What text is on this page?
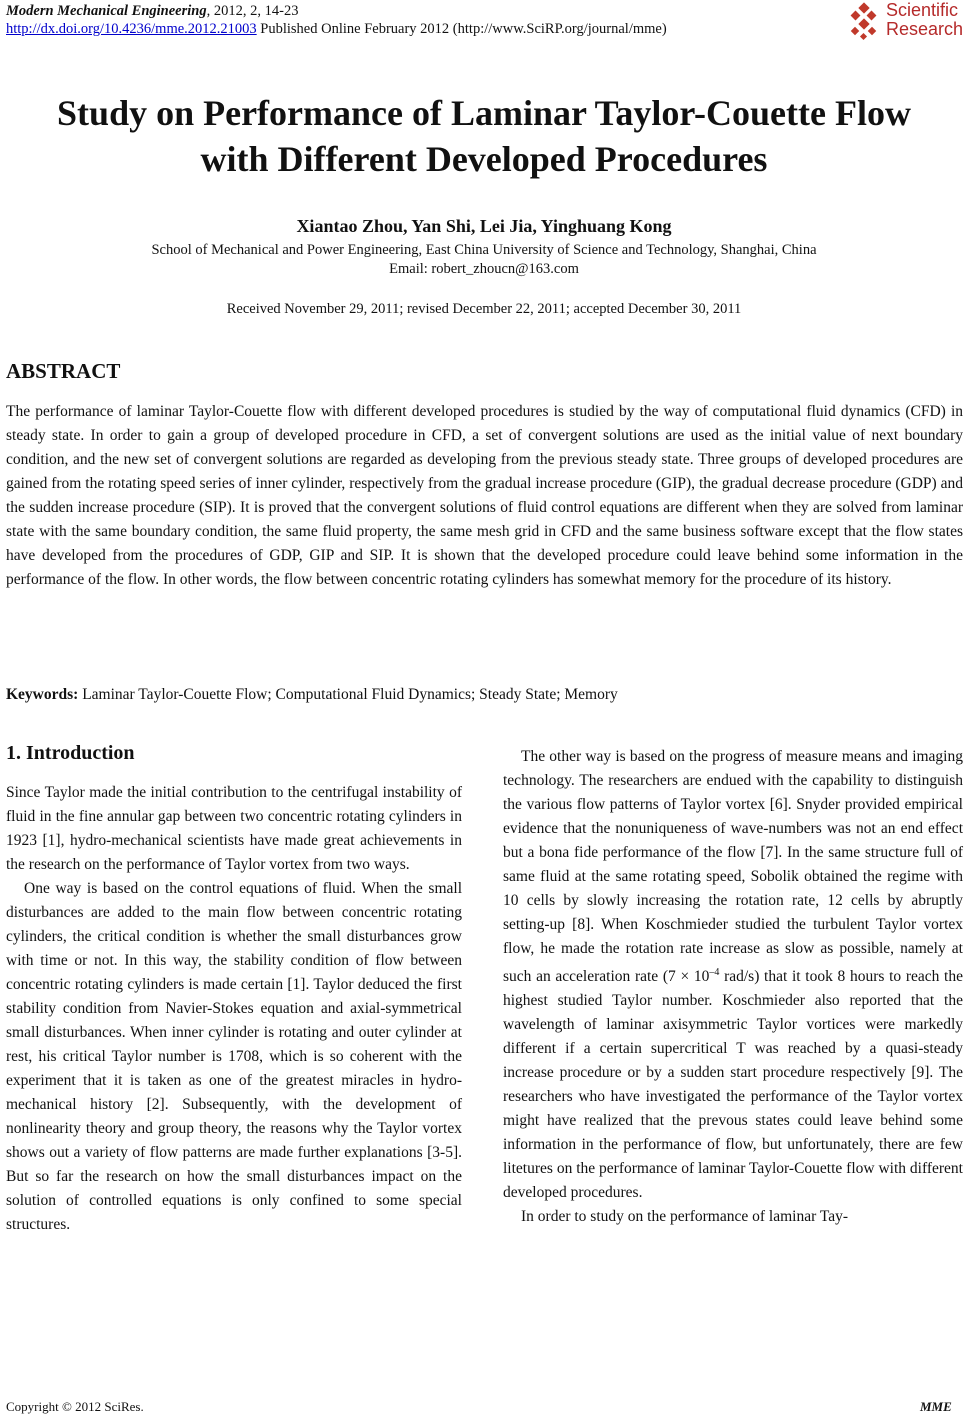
Modern Mechanical Engineering, 2012, 2, 14-23
http://dx.doi.org/10.4236/mme.2012.21003 Published Online February 2012 (http://www.SciRP.org/journal/mme)
Scientific
Research
Study on Performance of Laminar Taylor-Couette Flow
with Different Developed Procedures
Xiantao Zhou, Yan Shi, Lei Jia, Yinghuang Kong
School of Mechanical and Power Engineering, East China University of Science and Technology, Shanghai, China
Email: robert_zhoucn@163.com
Received November 29, 2011; revised December 22, 2011; accepted December 30, 2011
ABSTRACT
The performance of laminar Taylor-Couette flow with different developed procedures is studied by the way of computational fluid dynamics (CFD) in steady state. In order to gain a group of developed procedure in CFD, a set of convergent solutions are used as the initial value of next boundary condition, and the new set of convergent solutions are regarded as developing from the previous steady state. Three groups of developed procedures are gained from the rotating speed series of inner cylinder, respectively from the gradual increase procedure (GIP), the gradual decrease procedure (GDP) and the sudden increase procedure (SIP). It is proved that the convergent solutions of fluid control equations are different when they are solved from laminar state with the same boundary condition, the same fluid property, the same mesh grid in CFD and the same business software except that the flow states have developed from the procedures of GDP, GIP and SIP. It is shown that the developed procedure could leave behind some information in the performance of the flow. In other words, the flow between concentric rotating cylinders has somewhat memory for the procedure of its history.
Keywords: Laminar Taylor-Couette Flow; Computational Fluid Dynamics; Steady State; Memory
1. Introduction

Since Taylor made the initial contribution to the centrifugal instability of fluid in the fine annular gap between two concentric rotating cylinders in 1923 [1], hydro-mechanical scientists have made great achievements in the research on the performance of Taylor vortex from two ways.

One way is based on the control equations of fluid. When the small disturbances are added to the main flow between concentric rotating cylinders, the critical condition is whether the small disturbances grow with time or not. In this way, the stability condition of flow between concentric rotating cylinders is made certain [1]. Taylor deduced the first stability condition from Navier-Stokes equation and axial-symmetrical small disturbances. When inner cylinder is rotating and outer cylinder at rest, his critical Taylor number is 1708, which is so coherent with the experiment that it is taken as one of the greatest miracles in hydro-mechanical history [2]. Subsequently, with the development of nonlinearity theory and group theory, the reasons why the Taylor vortex shows out a variety of flow patterns are made further explanations [3-5]. But so far the research on how the small disturbances impact on the solution of controlled equations is only confined to some special structures.

The other way is based on the progress of measure means and imaging technology. The researchers are endued with the capability to distinguish the various flow patterns of Taylor vortex [6]. Snyder provided empirical evidence that the nonuniqueness of wave-numbers was not an end effect but a bona fide performance of the flow [7]. In the same structure full of same fluid at the same rotating speed, Sobolik obtained the regime with 10 cells by slowly increasing the rotation rate, 12 cells by abruptly setting-up [8]. When Koschmieder studied the turbulent Taylor vortex flow, he made the rotation rate increase as slow as possible, namely at such an acceleration rate ($7 \times 10^{-4}$ rad/s) that it took 8 hours to reach the highest studied Taylor number. Koschmieder also reported that the wavelength of laminar axisymmetric Taylor vortices were markedly different if a certain supercritical T was reached by a quasi-steady increase procedure or by a sudden start procedure respectively [9]. The researchers who have investigated the performance of the Taylor vortex might have realized that the prevous states could leave behind some information in the performance of flow, but unfortunately, there are few litetures on the performance of laminar Taylor-Couette flow with different developed procedures.

In order to study on the performance of laminar Tay-

Copyright © 2012 SciRes.	MME
